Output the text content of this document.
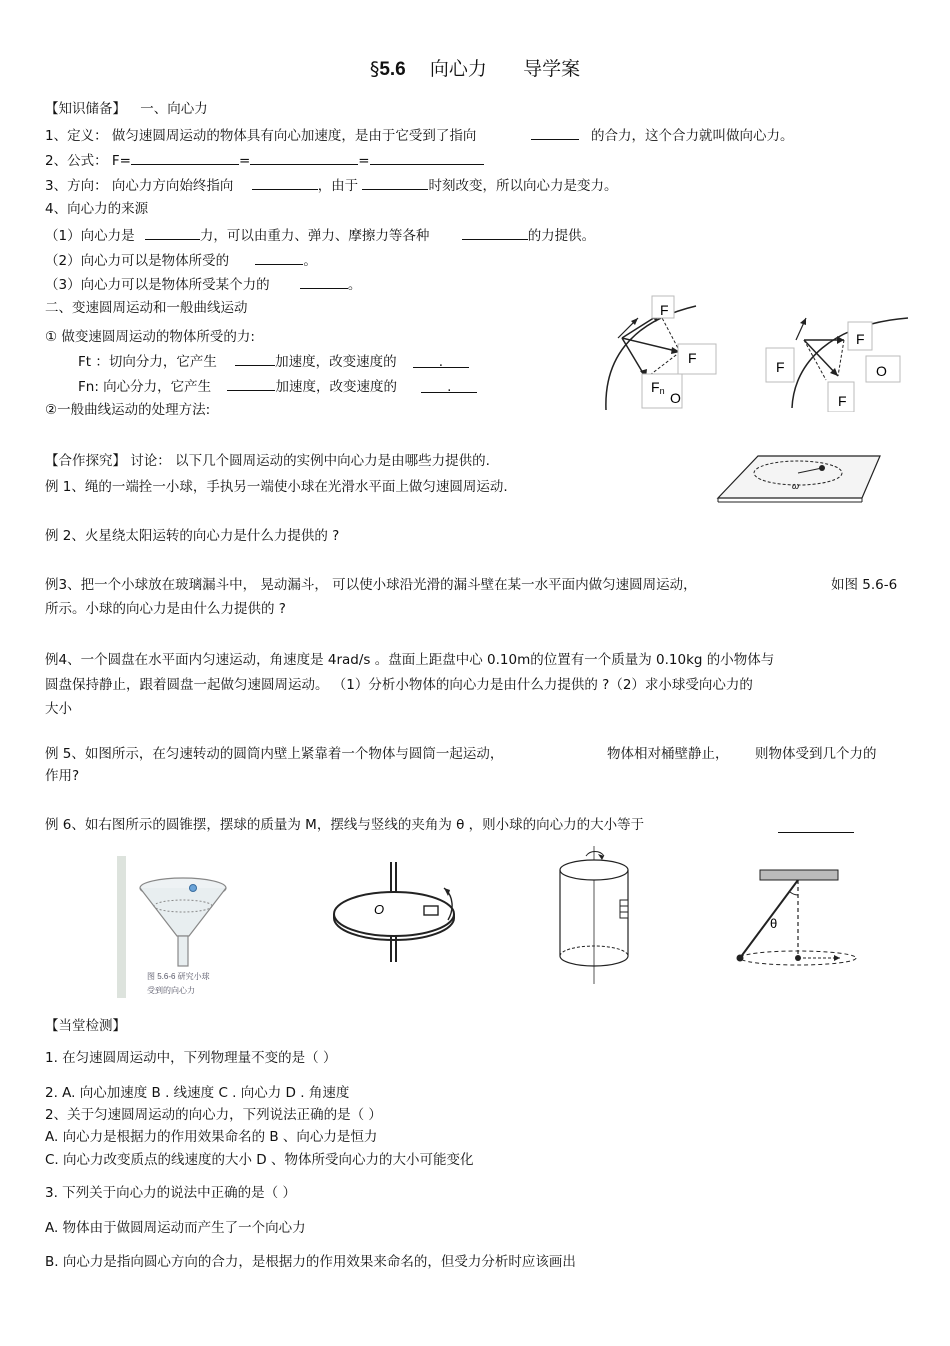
§5.6 向心力 导学案
【知识储备】 一、向心力
1、定义： 做匀速圆周运动的物体具有向心加速度，是由于它受到了指向	的合力，这个合力就叫做向心力。
2、公式： F=	=	=
3、方向： 向心力方向始终指向	，由于	时刻改变，所以向心力是变力。
4、向心力的来源
（1）向心力是	力，可以由重力、弹力、摩擦力等各种	的力提供。
（2）向心力可以是物体所受的	。
（3）向心力可以是物体所受某个力的	。
二、变速圆周运动和一般曲线运动
① 做变速圆周运动的物体所受的力:
Ft ：切向分力，它产生	加速度，改变速度的	.
Fn: 向心分力，它产生	加速度，改变速度的	.
②一般曲线运动的处理方法:
F
F
Fn O
F
F	O
F
【合作探究】 讨论： 以下几个圆周运动的实例中向心力是由哪些力提供的.
例 1、绳的一端拴一小球，手执另一端使小球在光滑水平面上做匀速圆周运动.	ω
例 2、火星绕太阳运转的向心力是什么力提供的 ?
例3、把一个小球放在玻璃漏斗中， 晃动漏斗， 可以使小球沿光滑的漏斗壁在某一水平面内做匀速圆周运动，	如图 5.6-6
所示。小球的向心力是由什么力提供的 ?
例4、一个圆盘在水平面内匀速运动，角速度是 4rad/s 。盘面上距盘中心 0.10m的位置有一个质量为 0.10kg 的小物体与
圆盘保持静止，跟着圆盘一起做匀速圆周运动。 （1）分析小物体的向心力是由什么力提供的 ?（2）求小球受向心力的
大小
例 5、如图所示，在匀速转动的圆筒内壁上紧靠着一个物体与圆筒一起运动，	物体相对桶壁静止， 则物体受到几个力的
作用?
例 6、如右图所示的圆锥摆，摆球的质量为 M，摆线与竖线的夹角为 θ ，则小球的向心力的大小等于
图 5.6-6 研究小球
受到的向心力
O
θ
【当堂检测】
1. 在匀速圆周运动中，下列物理量不变的是（ ）
2. A. 向心加速度 B . 线速度 C . 向心力 D . 角速度
2、关于匀速圆周运动的向心力，下列说法正确的是（ ）
A. 向心力是根据力的作用效果命名的 B 、向心力是恒力
C. 向心力改变质点的线速度的大小 D 、物体所受向心力的大小可能变化
3. 下列关于向心力的说法中正确的是（ ）
A. 物体由于做圆周运动而产生了一个向心力
B. 向心力是指向圆心方向的合力，是根据力的作用效果来命名的，但受力分析时应该画出
